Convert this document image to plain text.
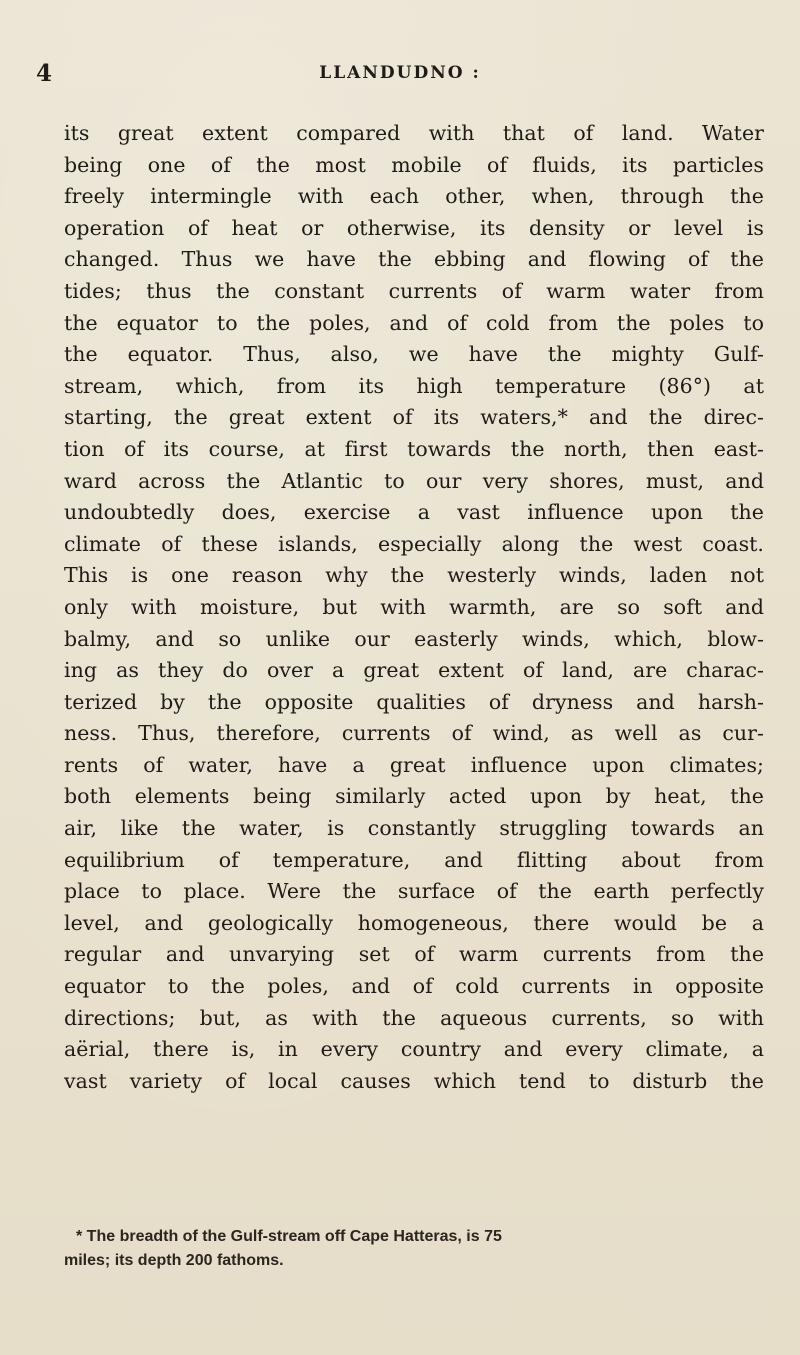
4	LLANDUDNO :
its great extent compared with that of land. Water
being one of the most mobile of fluids, its particles
freely intermingle with each other, when, through the
operation of heat or otherwise, its density or level is
changed. Thus we have the ebbing and flowing of the
tides; thus the constant currents of warm water from
the equator to the poles, and of cold from the poles to
the equator. Thus, also, we have the mighty Gulf-
stream, which, from its high temperature (86°) at
starting, the great extent of its waters,* and the direc-
tion of its course, at first towards the north, then east-
ward across the Atlantic to our very shores, must, and
undoubtedly does, exercise a vast influence upon the
climate of these islands, especially along the west coast.
This is one reason why the westerly winds, laden not
only with moisture, but with warmth, are so soft and
balmy, and so unlike our easterly winds, which, blow-
ing as they do over a great extent of land, are charac-
terized by the opposite qualities of dryness and harsh-
ness. Thus, therefore, currents of wind, as well as cur-
rents of water, have a great influence upon climates;
both elements being similarly acted upon by heat, the
air, like the water, is constantly struggling towards an
equilibrium of temperature, and flitting about from
place to place. Were the surface of the earth perfectly
level, and geologically homogeneous, there would be a
regular and unvarying set of warm currents from the
equator to the poles, and of cold currents in opposite
directions; but, as with the aqueous currents, so with
aërial, there is, in every country and every climate, a
vast variety of local causes which tend to disturb the
* The breadth of the Gulf-stream off Cape Hatteras, is 75
miles; its depth 200 fathoms.
